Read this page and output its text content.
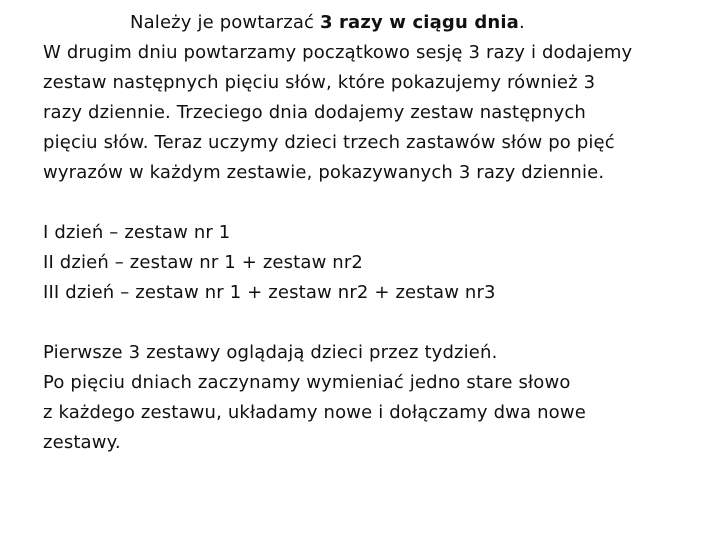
Należy je powtarzać 3 razy w ciągu dnia.
W drugim dniu powtarzamy początkowo sesję 3 razy i dodajemy
zestaw następnych pięciu słów, które pokazujemy również 3
razy dziennie. Trzeciego dnia dodajemy zestaw następnych
pięciu słów. Teraz uczymy dzieci trzech zastawów słów po pięć
wyrazów w każdym zestawie, pokazywanych 3 razy dziennie.
I dzień – zestaw nr 1
II dzień – zestaw nr 1 + zestaw nr2
III dzień – zestaw nr 1 + zestaw nr2 + zestaw nr3
Pierwsze 3 zestawy oglądają dzieci przez tydzień.
Po pięciu dniach zaczynamy wymieniać jedno stare słowo
z każdego zestawu, układamy nowe i dołączamy dwa nowe
zestawy.
